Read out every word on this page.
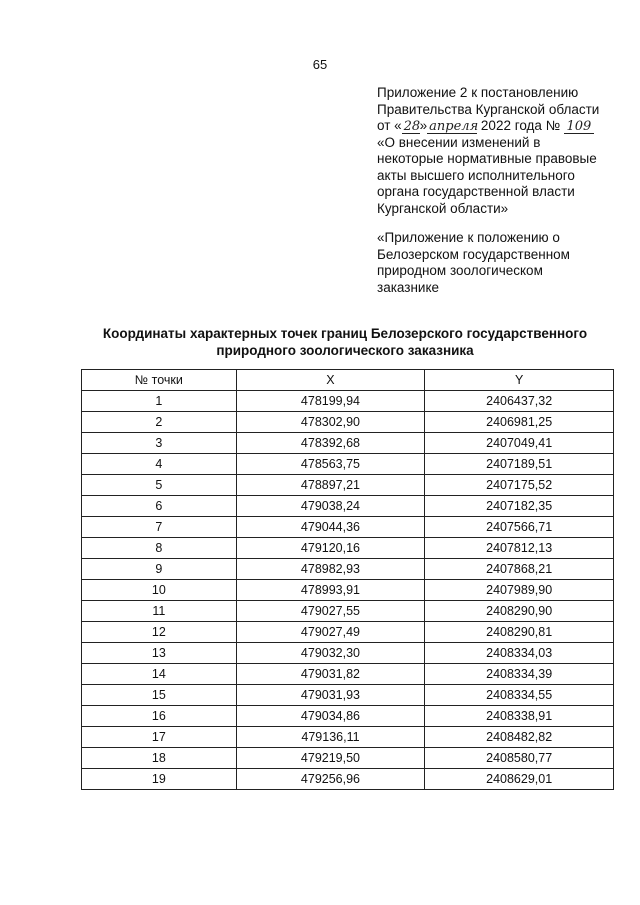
65
Приложение 2 к постановлению
Правительства Курганской области
от « 28» апреля 2022 года № 109
«О внесении изменений в
некоторые нормативные правовые
акты высшего исполнительного
органа государственной власти
Курганской области»
«Приложение к положению о
Белозерском государственном
природном зоологическом
заказнике
Координаты характерных точек границ Белозерского государственного
природного зоологического заказника
№ точки	X	Y
1	478199,94	2406437,32
2	478302,90	2406981,25
3	478392,68	2407049,41
4	478563,75	2407189,51
5	478897,21	2407175,52
6	479038,24	2407182,35
7	479044,36	2407566,71
8	479120,16	2407812,13
9	478982,93	2407868,21
10	478993,91	2407989,90
11	479027,55	2408290,90
12	479027,49	2408290,81
13	479032,30	2408334,03
14	479031,82	2408334,39
15	479031,93	2408334,55
16	479034,86	2408338,91
17	479136,11	2408482,82
18	479219,50	2408580,77
19	479256,96	2408629,01
